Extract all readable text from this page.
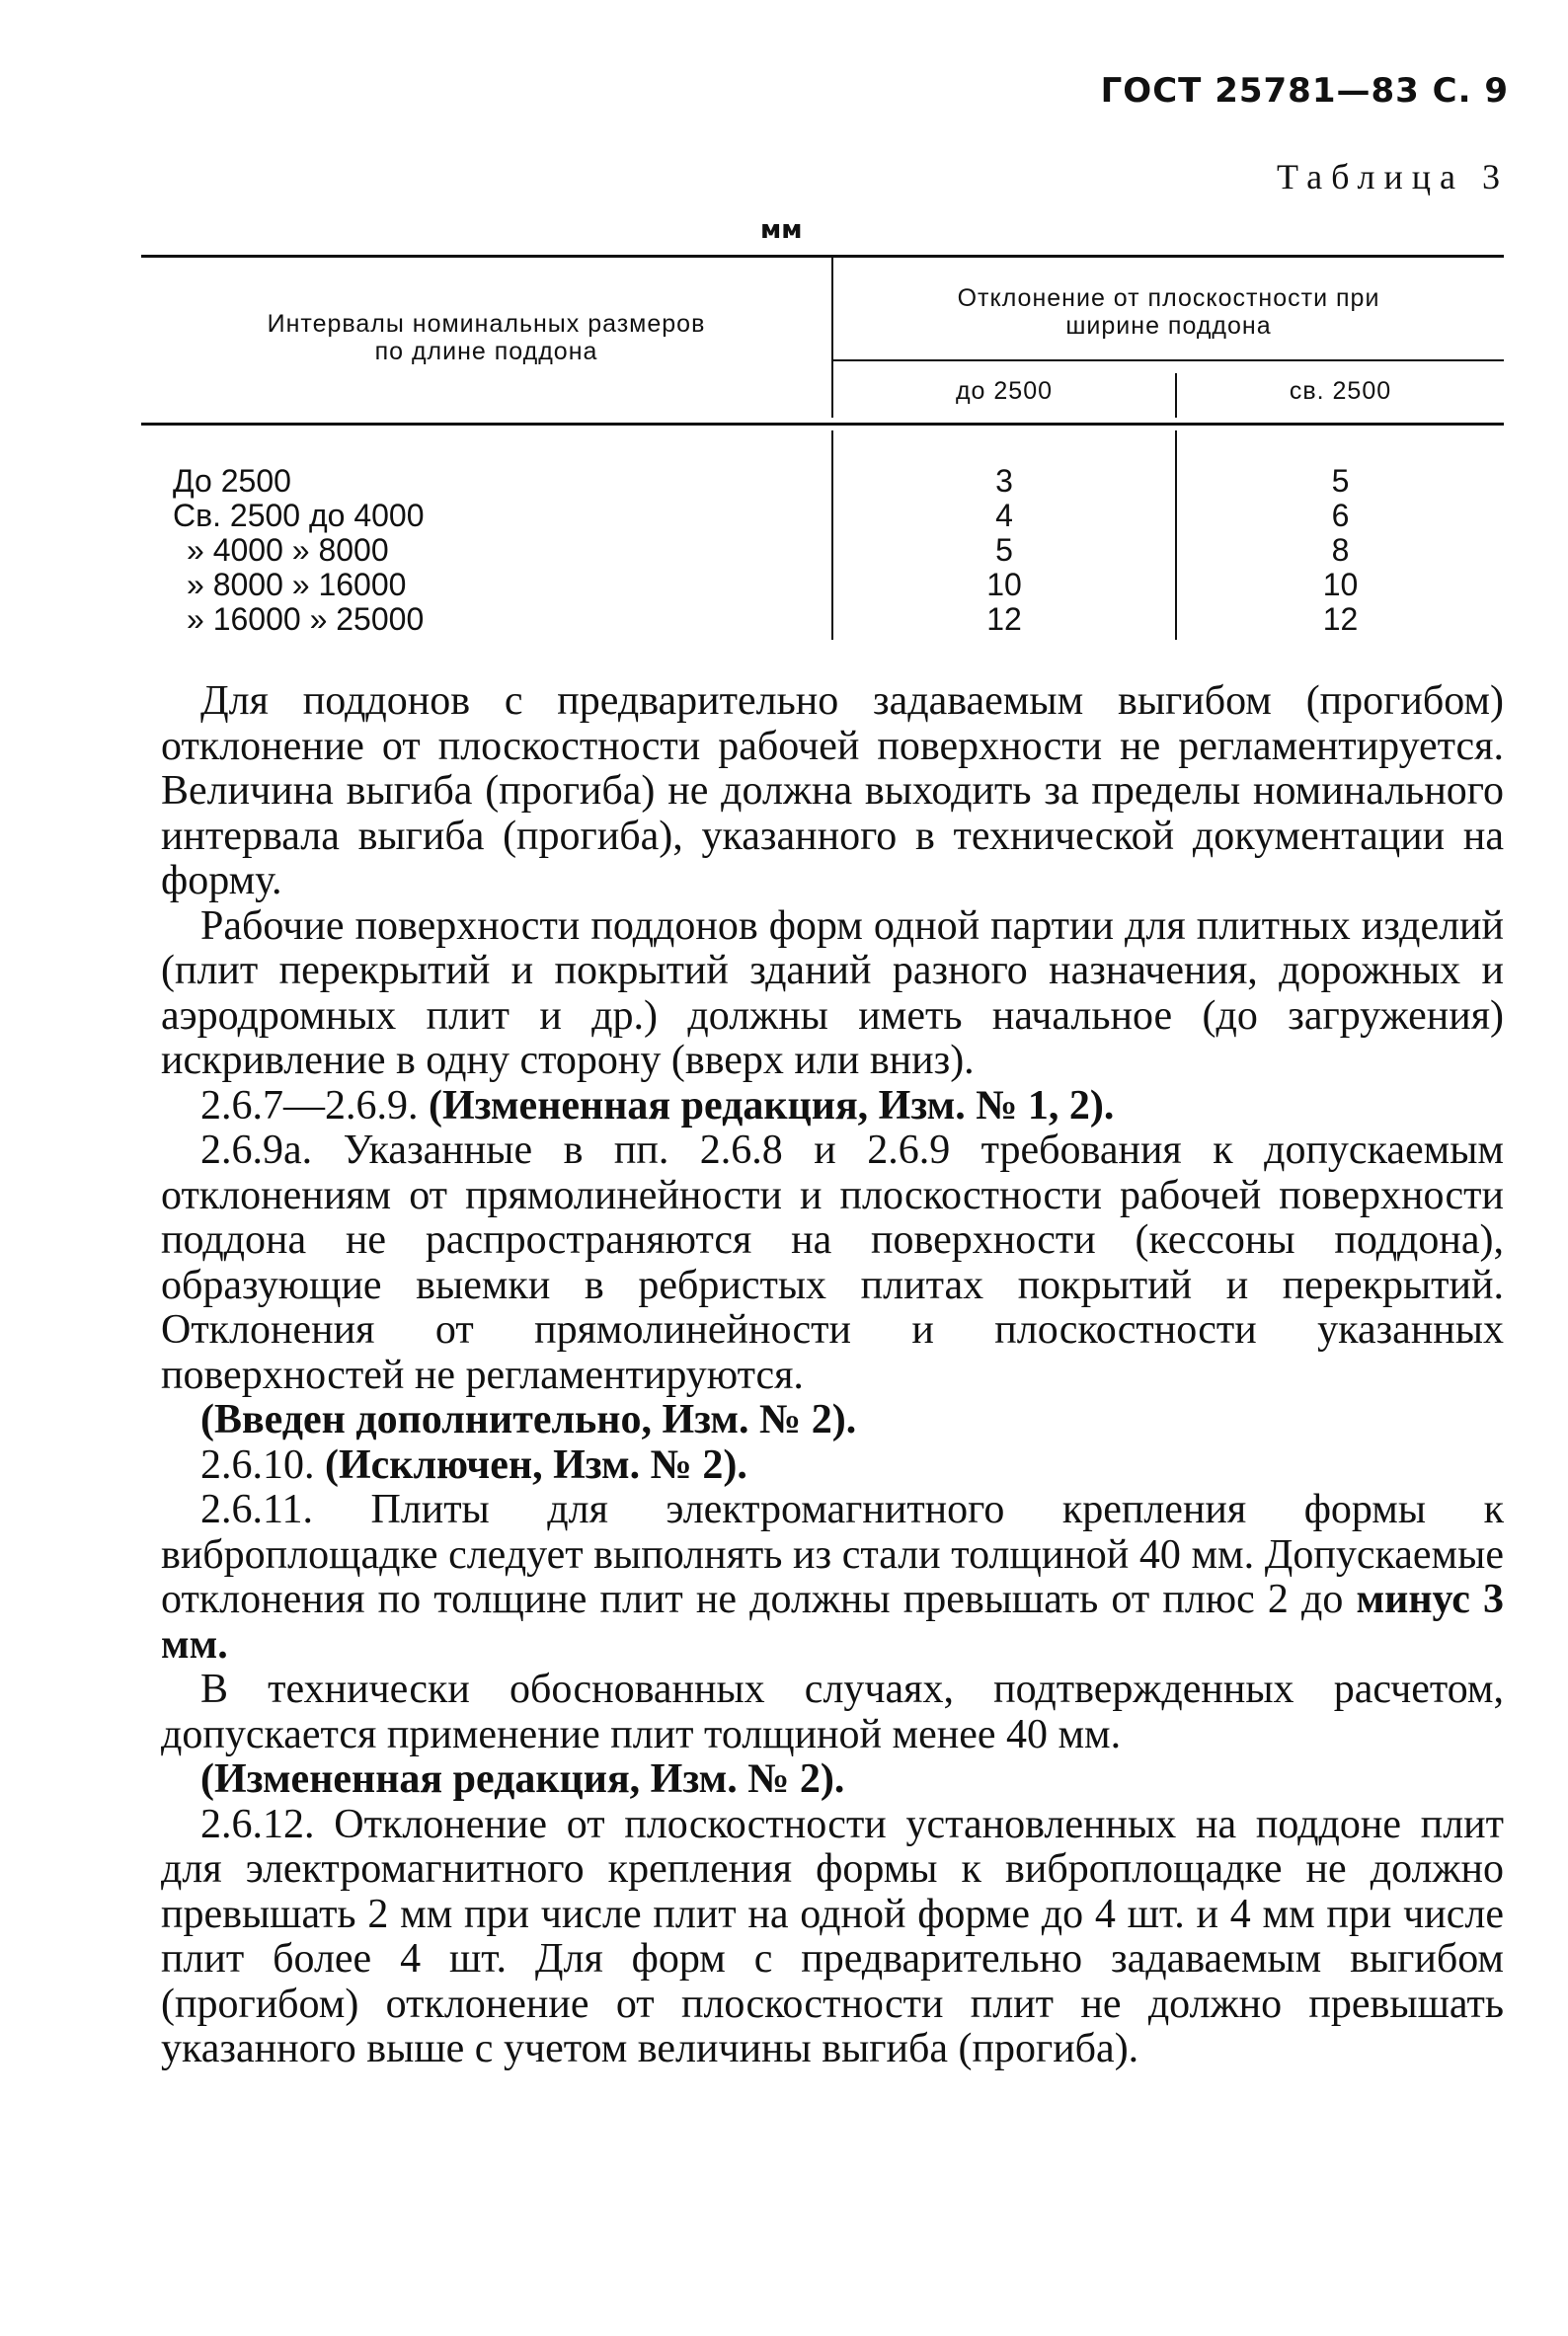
ГОСТ 25781—83 С. 9
Таблица 3
мм
Интервалы номинальных размеров
по длине поддона
Отклонение от плоскостности при
ширине поддона
до 2500	св. 2500
До 2500
Св. 2500 до 4000
» 4000 » 8000
» 8000 » 16000
» 16000 » 25000
3
4
5
10
12
5
6
8
10
12

Для поддонов с предварительно задаваемым выгибом (прогибом) отклонение от плоскостности рабочей поверхности не регламентируется. Величина выгиба (прогиба) не должна выходить за пределы номинального интервала выгиба (прогиба), указанного в технической документации на форму.

Рабочие поверхности поддонов форм одной партии для плитных изделий (плит перекрытий и покрытий зданий разного назначения, дорожных и аэродромных плит и др.) должны иметь начальное (до загружения) искривление в одну сторону (вверх или вниз).

2.6.7—2.6.9. (Измененная редакция, Изм. № 1, 2).

2.6.9а. Указанные в пп. 2.6.8 и 2.6.9 требования к допускаемым отклонениям от прямолинейности и плоскостности рабочей поверхности поддона не распространяются на поверхности (кессоны поддона), образующие выемки в ребристых плитах покрытий и перекрытий. Отклонения от прямолинейности и плоскостности указанных поверхностей не регламентируются.

(Введен дополнительно, Изм. № 2).

2.6.10. (Исключен, Изм. № 2).

2.6.11. Плиты для электромагнитного крепления формы к виброплощадке следует выполнять из стали толщиной 40 мм. Допускаемые отклонения по толщине плит не должны превышать от плюс 2 до минус 3 мм.

В технически обоснованных случаях, подтвержденных расчетом, допускается применение плит толщиной менее 40 мм.

(Измененная редакция, Изм. № 2).

2.6.12. Отклонение от плоскостности установленных на поддоне плит для электромагнитного крепления формы к виброплощадке не должно превышать 2 мм при числе плит на одной форме до 4 шт. и 4 мм при числе плит более 4 шт. Для форм с предварительно задаваемым выгибом (прогибом) отклонение от плоскостности плит не должно превышать указанного выше с учетом величины выгиба (прогиба).
